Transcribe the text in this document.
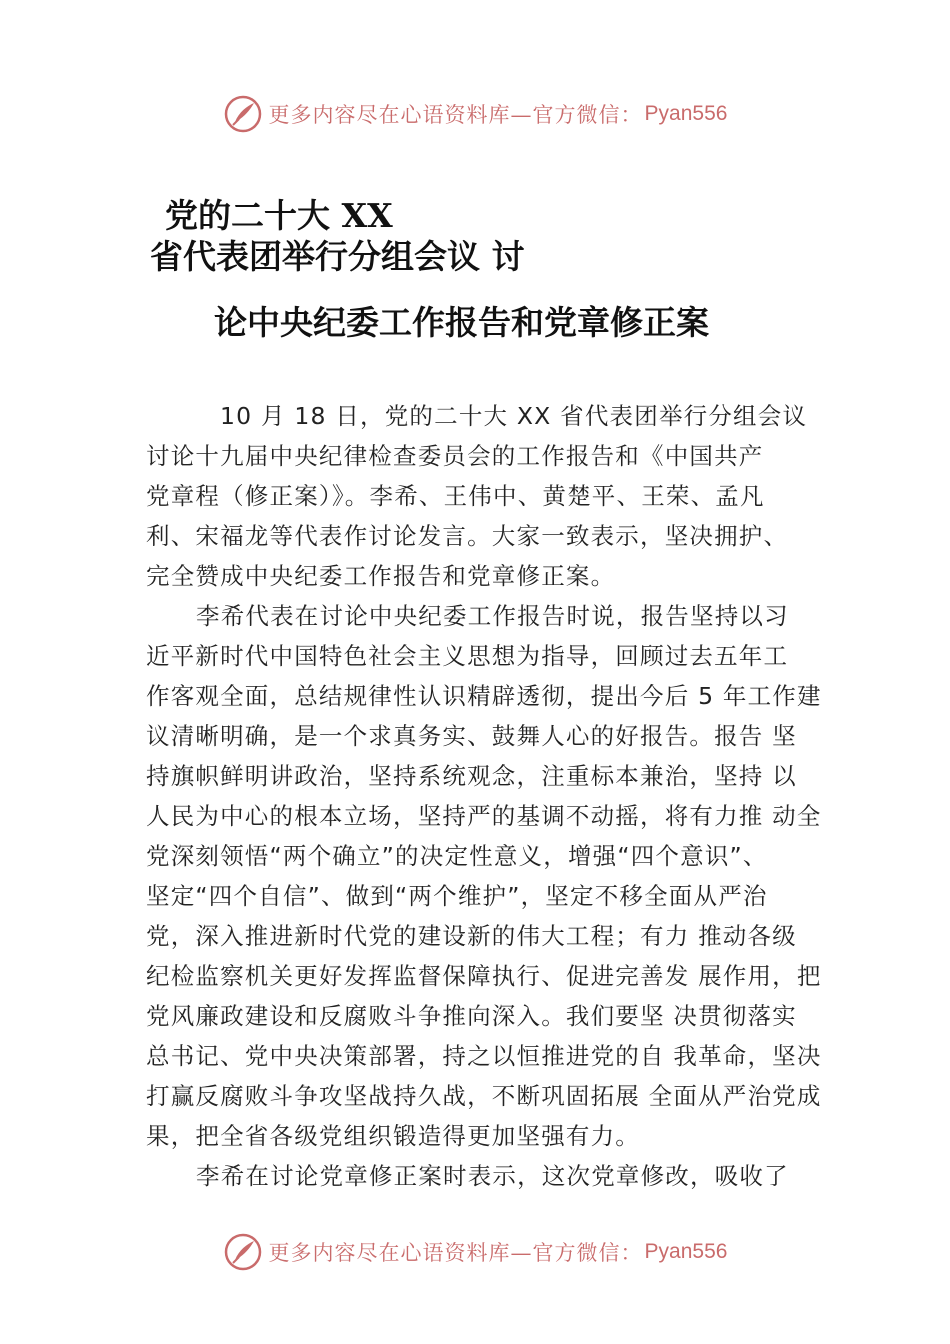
更多内容尽在心语资料库—官方微信： Pyan556
党的二十大 XX
省代表团举行分组会议 讨
论中央纪委工作报告和党章修正案
10 月 18 日，党的二十大 XX 省代表团举行分组会议
讨论十九届中央纪律检查委员会的工作报告和《中国共产
党章程（修正案）》。李希、王伟中、黄楚平、王荣、孟凡
利、宋福龙等代表作讨论发言。大家一致表示，坚决拥护、
完全赞成中央纪委工作报告和党章修正案。
李希代表在讨论中央纪委工作报告时说，报告坚持以习
近平新时代中国特色社会主义思想为指导，回顾过去五年工
作客观全面，总结规律性认识精辟透彻，提出今后 5 年工作建
议清晰明确，是一个求真务实、鼓舞人心的好报告。报告 坚
持旗帜鲜明讲政治，坚持系统观念，注重标本兼治，坚持 以
人民为中心的根本立场，坚持严的基调不动摇，将有力推 动全
党深刻领悟“两个确立”的决定性意义，增强“四个意识”、
坚定“四个自信”、做到“两个维护”，坚定不移全面从严治
党，深入推进新时代党的建设新的伟大工程；有力 推动各级
纪检监察机关更好发挥监督保障执行、促进完善发 展作用，把
党风廉政建设和反腐败斗争推向深入。我们要坚 决贯彻落实
总书记、党中央决策部署，持之以恒推进党的自 我革命，坚决
打赢反腐败斗争攻坚战持久战，不断巩固拓展 全面从严治党成
果，把全省各级党组织锻造得更加坚强有力。
李希在讨论党章修正案时表示，这次党章修改，吸收了
更多内容尽在心语资料库—官方微信： Pyan556
